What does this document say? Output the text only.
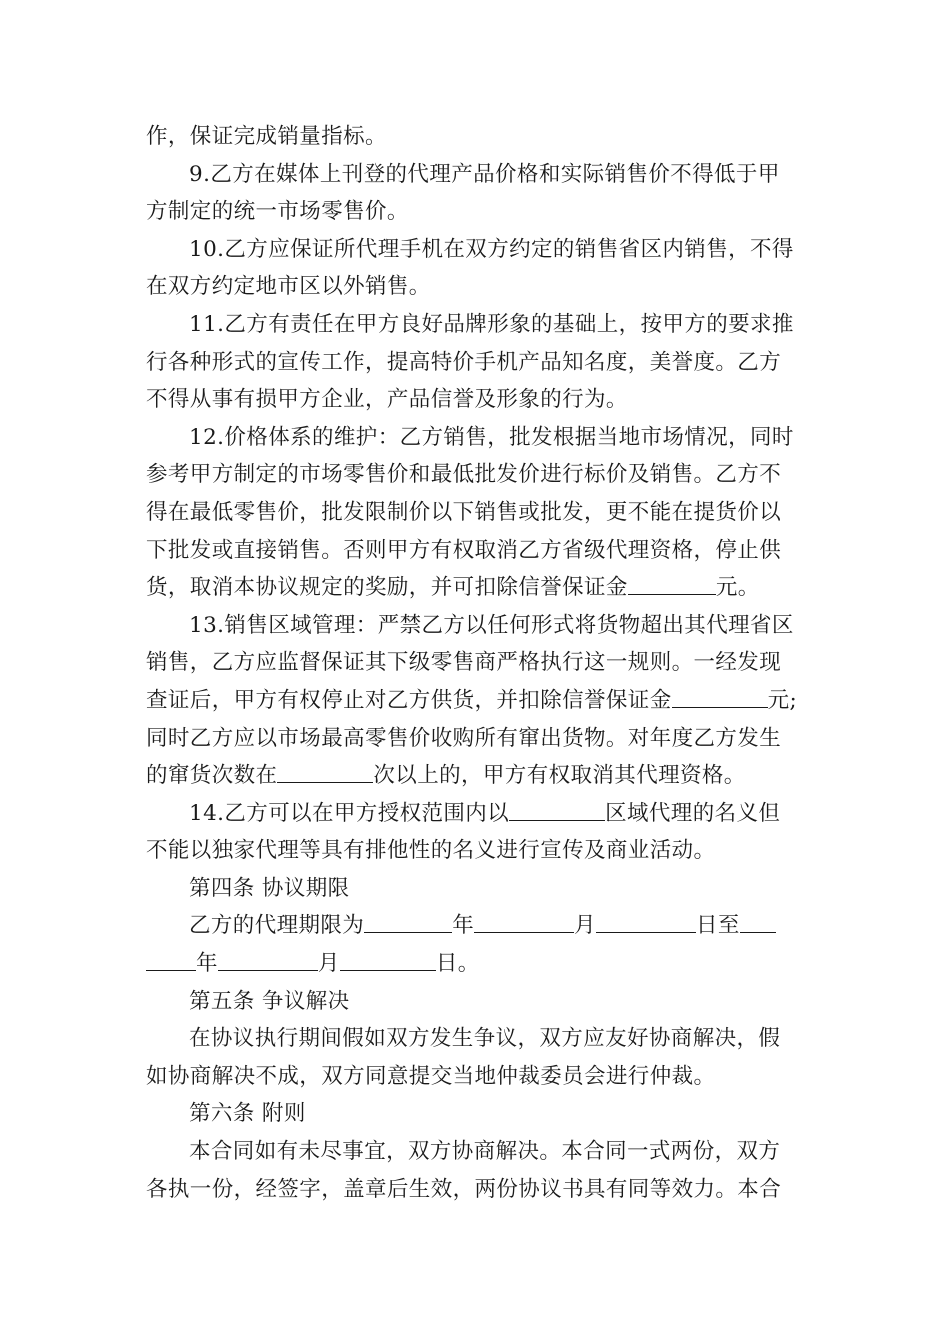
作，保证完成销量指标。

9.乙方在媒体上刊登的代理产品价格和实际销售价不得低于甲
方制定的统一市场零售价。

10.乙方应保证所代理手机在双方约定的销售省区内销售，不得
在双方约定地市区以外销售。

11.乙方有责任在甲方良好品牌形象的基础上，按甲方的要求推
行各种形式的宣传工作，提高特价手机产品知名度，美誉度。乙方
不得从事有损甲方企业，产品信誉及形象的行为。

12.价格体系的维护：乙方销售，批发根据当地市场情况，同时
参考甲方制定的市场零售价和最低批发价进行标价及销售。乙方不
得在最低零售价，批发限制价以下销售或批发，更不能在提货价以
下批发或直接销售。否则甲方有权取消乙方省级代理资格，停止供
货，取消本协议规定的奖励，并可扣除信誉保证金	元。

13.销售区域管理：严禁乙方以任何形式将货物超出其代理省区
销售，乙方应监督保证其下级零售商严格执行这一规则。一经发现
查证后，甲方有权停止对乙方供货，并扣除信誉保证金	元;
同时乙方应以市场最高零售价收购所有窜出货物。对年度乙方发生
的窜货次数在	次以上的，甲方有权取消其代理资格。

14.乙方可以在甲方授权范围内以	区域代理的名义但
不能以独家代理等具有排他性的名义进行宣传及商业活动。

第四条 协议期限

乙方的代理期限为	年	月	日至
年	月	日。

第五条 争议解决

在协议执行期间假如双方发生争议，双方应友好协商解决，假
如协商解决不成，双方同意提交当地仲裁委员会进行仲裁。

第六条 附则

本合同如有未尽事宜，双方协商解决。本合同一式两份，双方
各执一份，经签字，盖章后生效，两份协议书具有同等效力。本合
